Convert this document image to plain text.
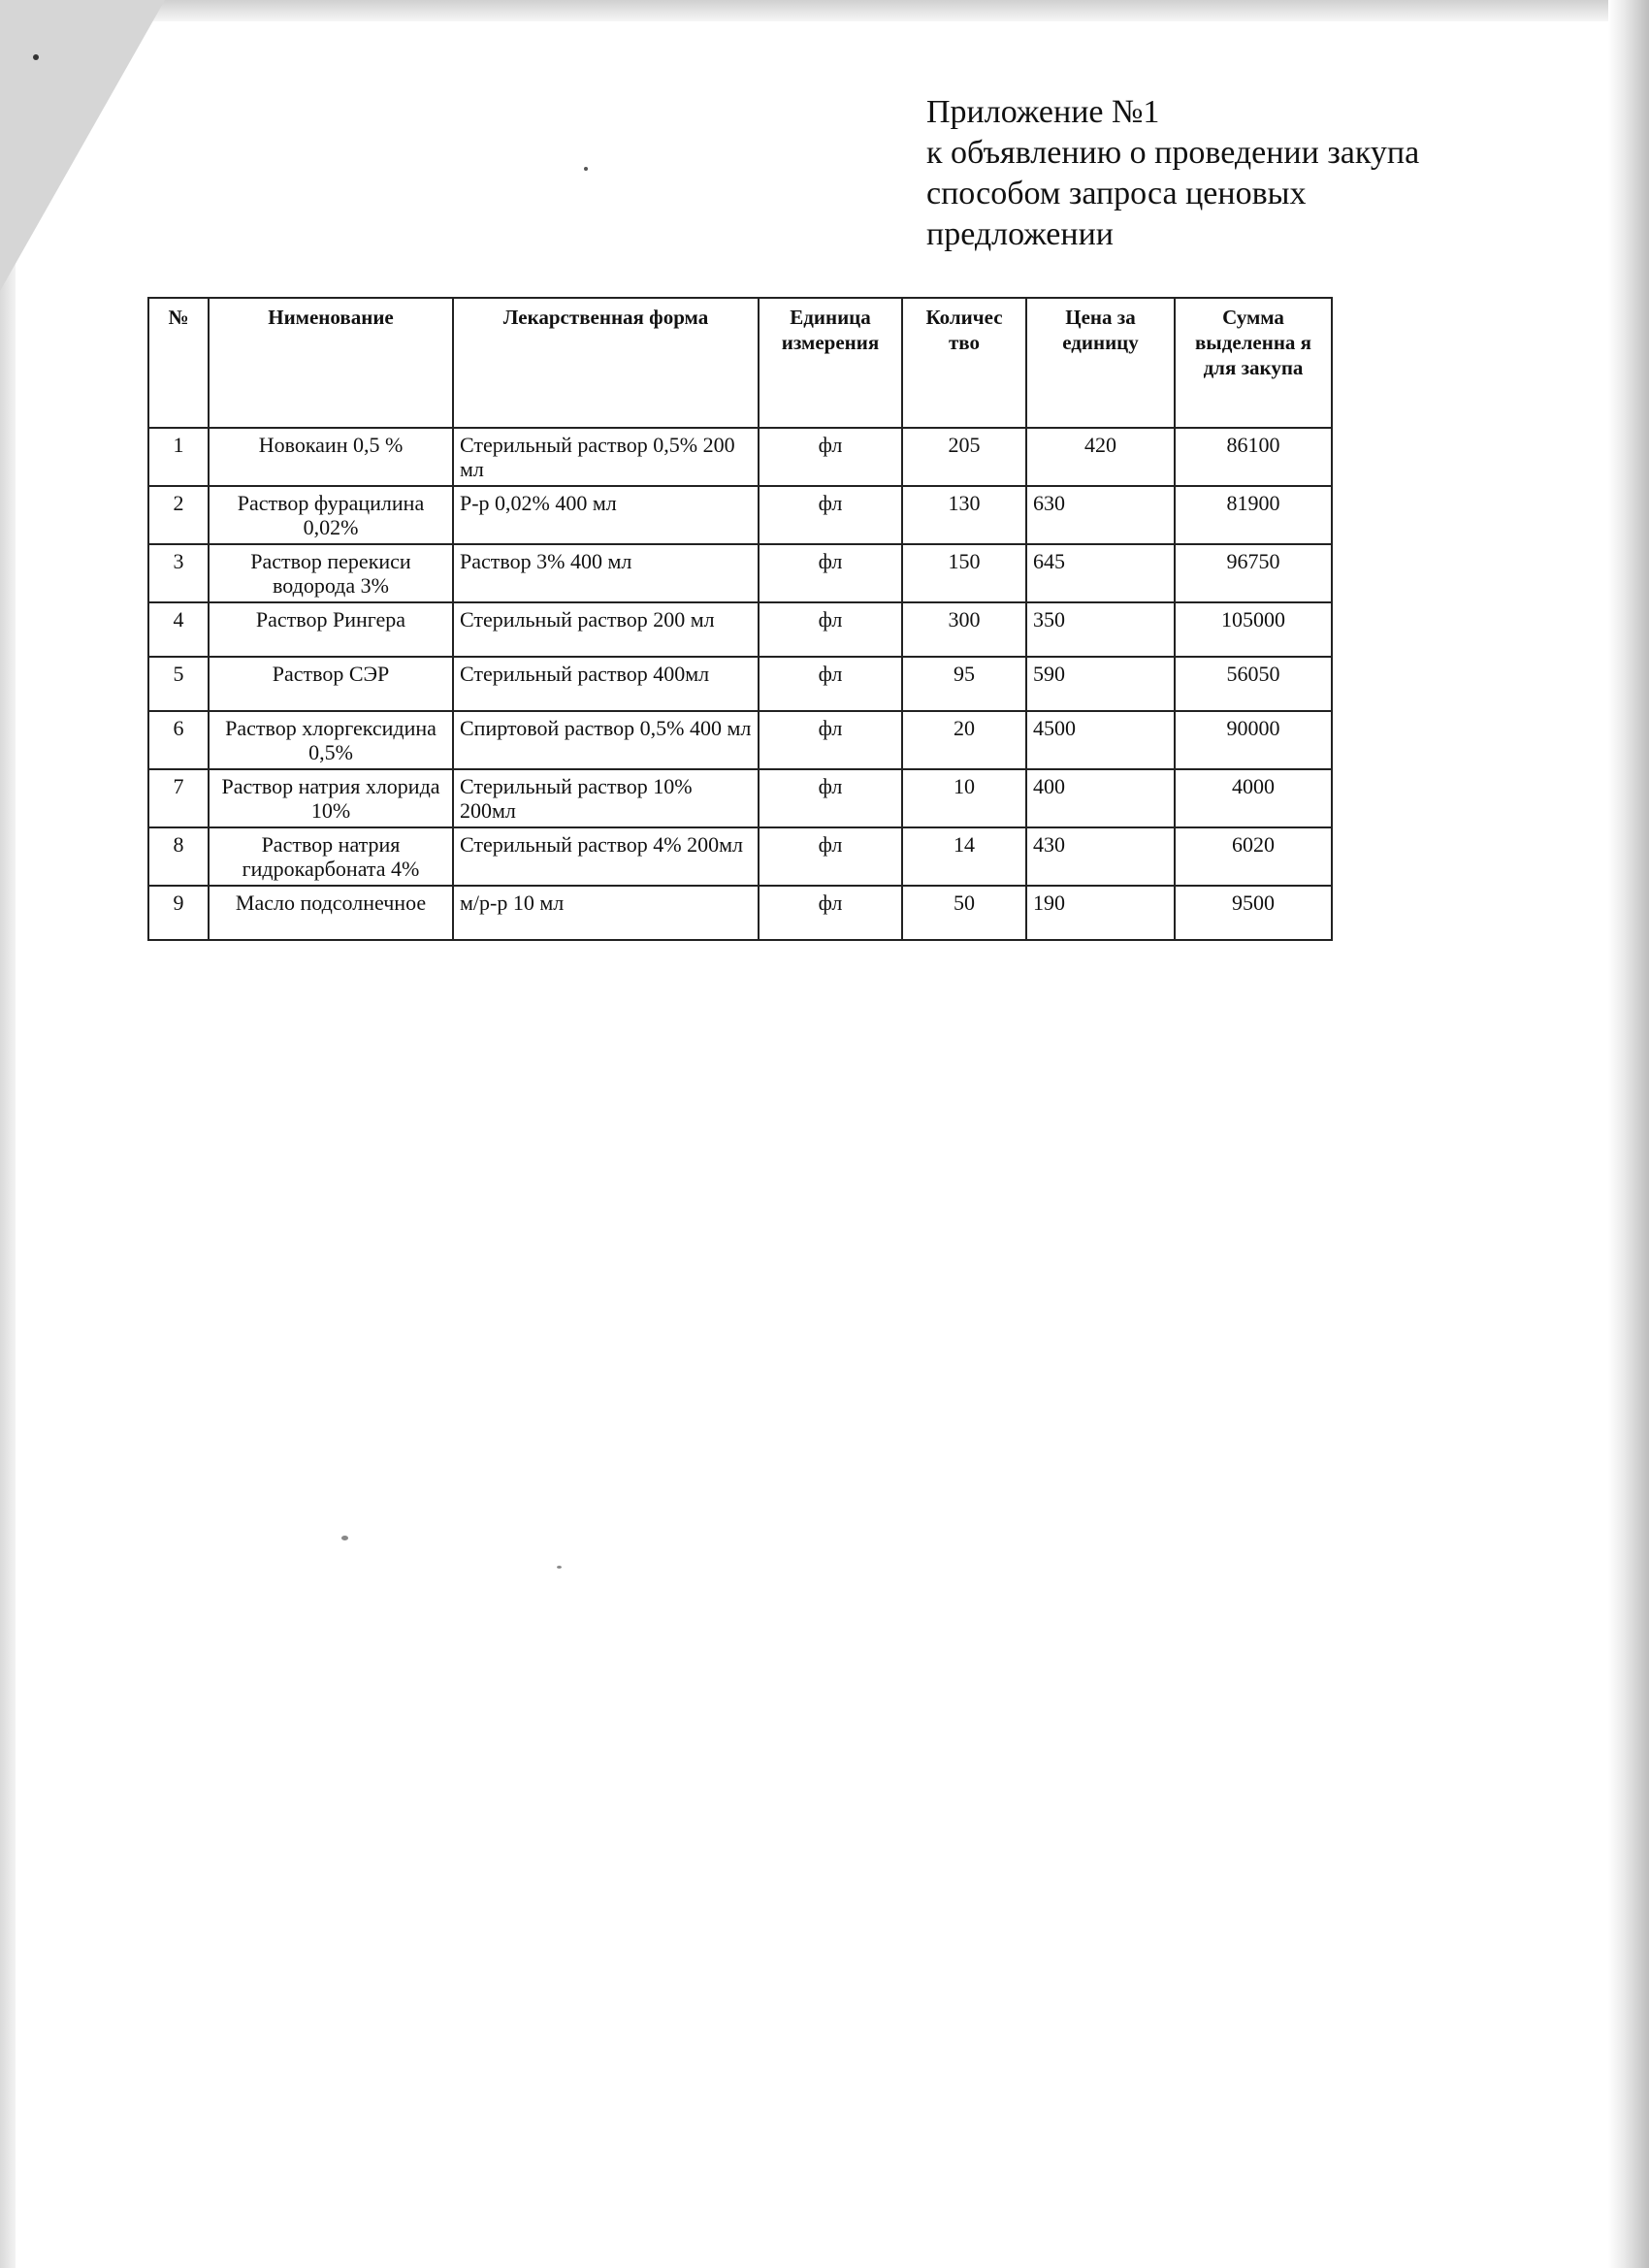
Приложение №1
к объявлению о проведении закупа
способом запроса ценовых
предложении
№	Нименование	Лекарственная форма	Единица измерения	Количес тво	Цена за единицу	Сумма выделенна я для закупа
1	Новокаин 0,5 %	Стерильный раствор 0,5% 200 мл	фл	205	420	86100
2	Раствор фурацилина 0,02%	Р-р 0,02% 400 мл	фл	130	630	81900
3	Раствор перекиси водорода 3%	Раствор 3% 400 мл	фл	150	645	96750
4	Раствор Рингера	Стерильный раствор 200 мл	фл	300	350	105000
5	Раствор СЭР	Стерильный раствор 400мл	фл	95	590	56050
6	Раствор хлоргексидина 0,5%	Спиртовой раствор 0,5% 400 мл	фл	20	4500	90000
7	Раствор натрия хлорида 10%	Стерильный раствор 10% 200мл	фл	10	400	4000
8	Раствор натрия гидрокарбоната 4%	Стерильный раствор 4% 200мл	фл	14	430	6020
9	Масло подсолнечное	м/р-р 10 мл	фл	50	190	9500
